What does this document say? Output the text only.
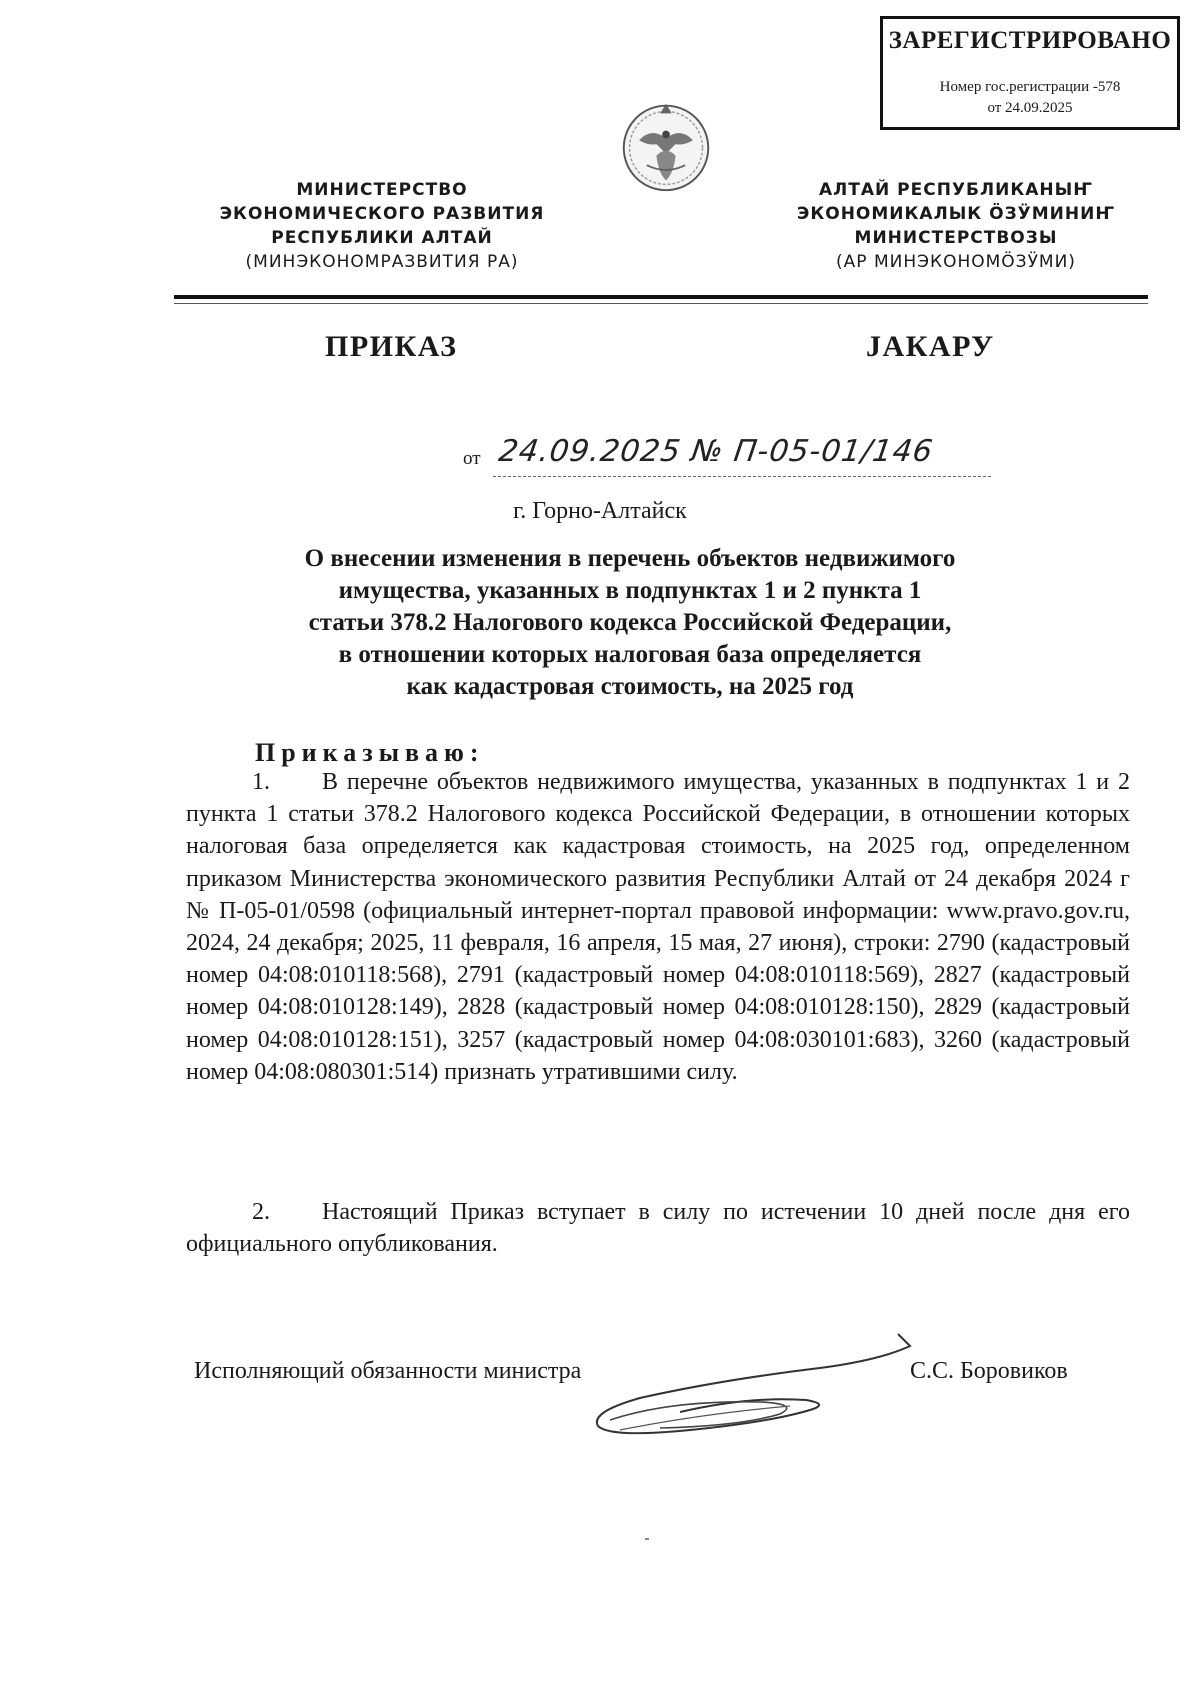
ЗАРЕГИСТРИРОВАНО
Номер гос.регистрации -578
от 24.09.2025
МИНИСТЕРСТВО
ЭКОНОМИЧЕСКОГО РАЗВИТИЯ
РЕСПУБЛИКИ АЛТАЙ
(МИНЭКОНОМРАЗВИТИЯ РА)
АЛТАЙ РЕСПУБЛИКАНЫҤ
ЭКОНОМИКАЛЫК ӦЗӰМИНИҤ
МИНИСТЕРСТВОЗЫ
(АР МИНЭКОНОМӦЗӰМИ)
ПРИКАЗ	JАКАРУ
от 24.09.2025 № П-05-01/146
г. Горно-Алтайск
О внесении изменения в перечень объектов недвижимого
имущества, указанных в подпунктах 1 и 2 пункта 1
статьи 378.2 Налогового кодекса Российской Федерации,
в отношении которых налоговая база определяется
как кадастровая стоимость, на 2025 год
Приказываю:
1. В перечне объектов недвижимого имущества, указанных в подпунктах 1 и 2 пункта 1 статьи 378.2 Налогового кодекса Российской Федерации, в отношении которых налоговая база определяется как кадастровая стоимость, на 2025 год, определенном приказом Министерства экономического развития Республики Алтай от 24 декабря 2024 г № П-05-01/0598 (официальный интернет-портал правовой информации: www.pravo.gov.ru, 2024, 24 декабря; 2025, 11 февраля, 16 апреля, 15 мая, 27 июня), строки: 2790 (кадастровый номер 04:08:010118:568), 2791 (кадастровый номер 04:08:010118:569), 2827 (кадастровый номер 04:08:010128:149), 2828 (кадастровый номер 04:08:010128:150), 2829 (кадастровый номер 04:08:010128:151), 3257 (кадастровый номер 04:08:030101:683), 3260 (кадастровый номер 04:08:080301:514) признать утратившими силу.
2. Настоящий Приказ вступает в силу по истечении 10 дней после дня его официального опубликования.
Исполняющий обязанности министра	С.С. Боровиков
